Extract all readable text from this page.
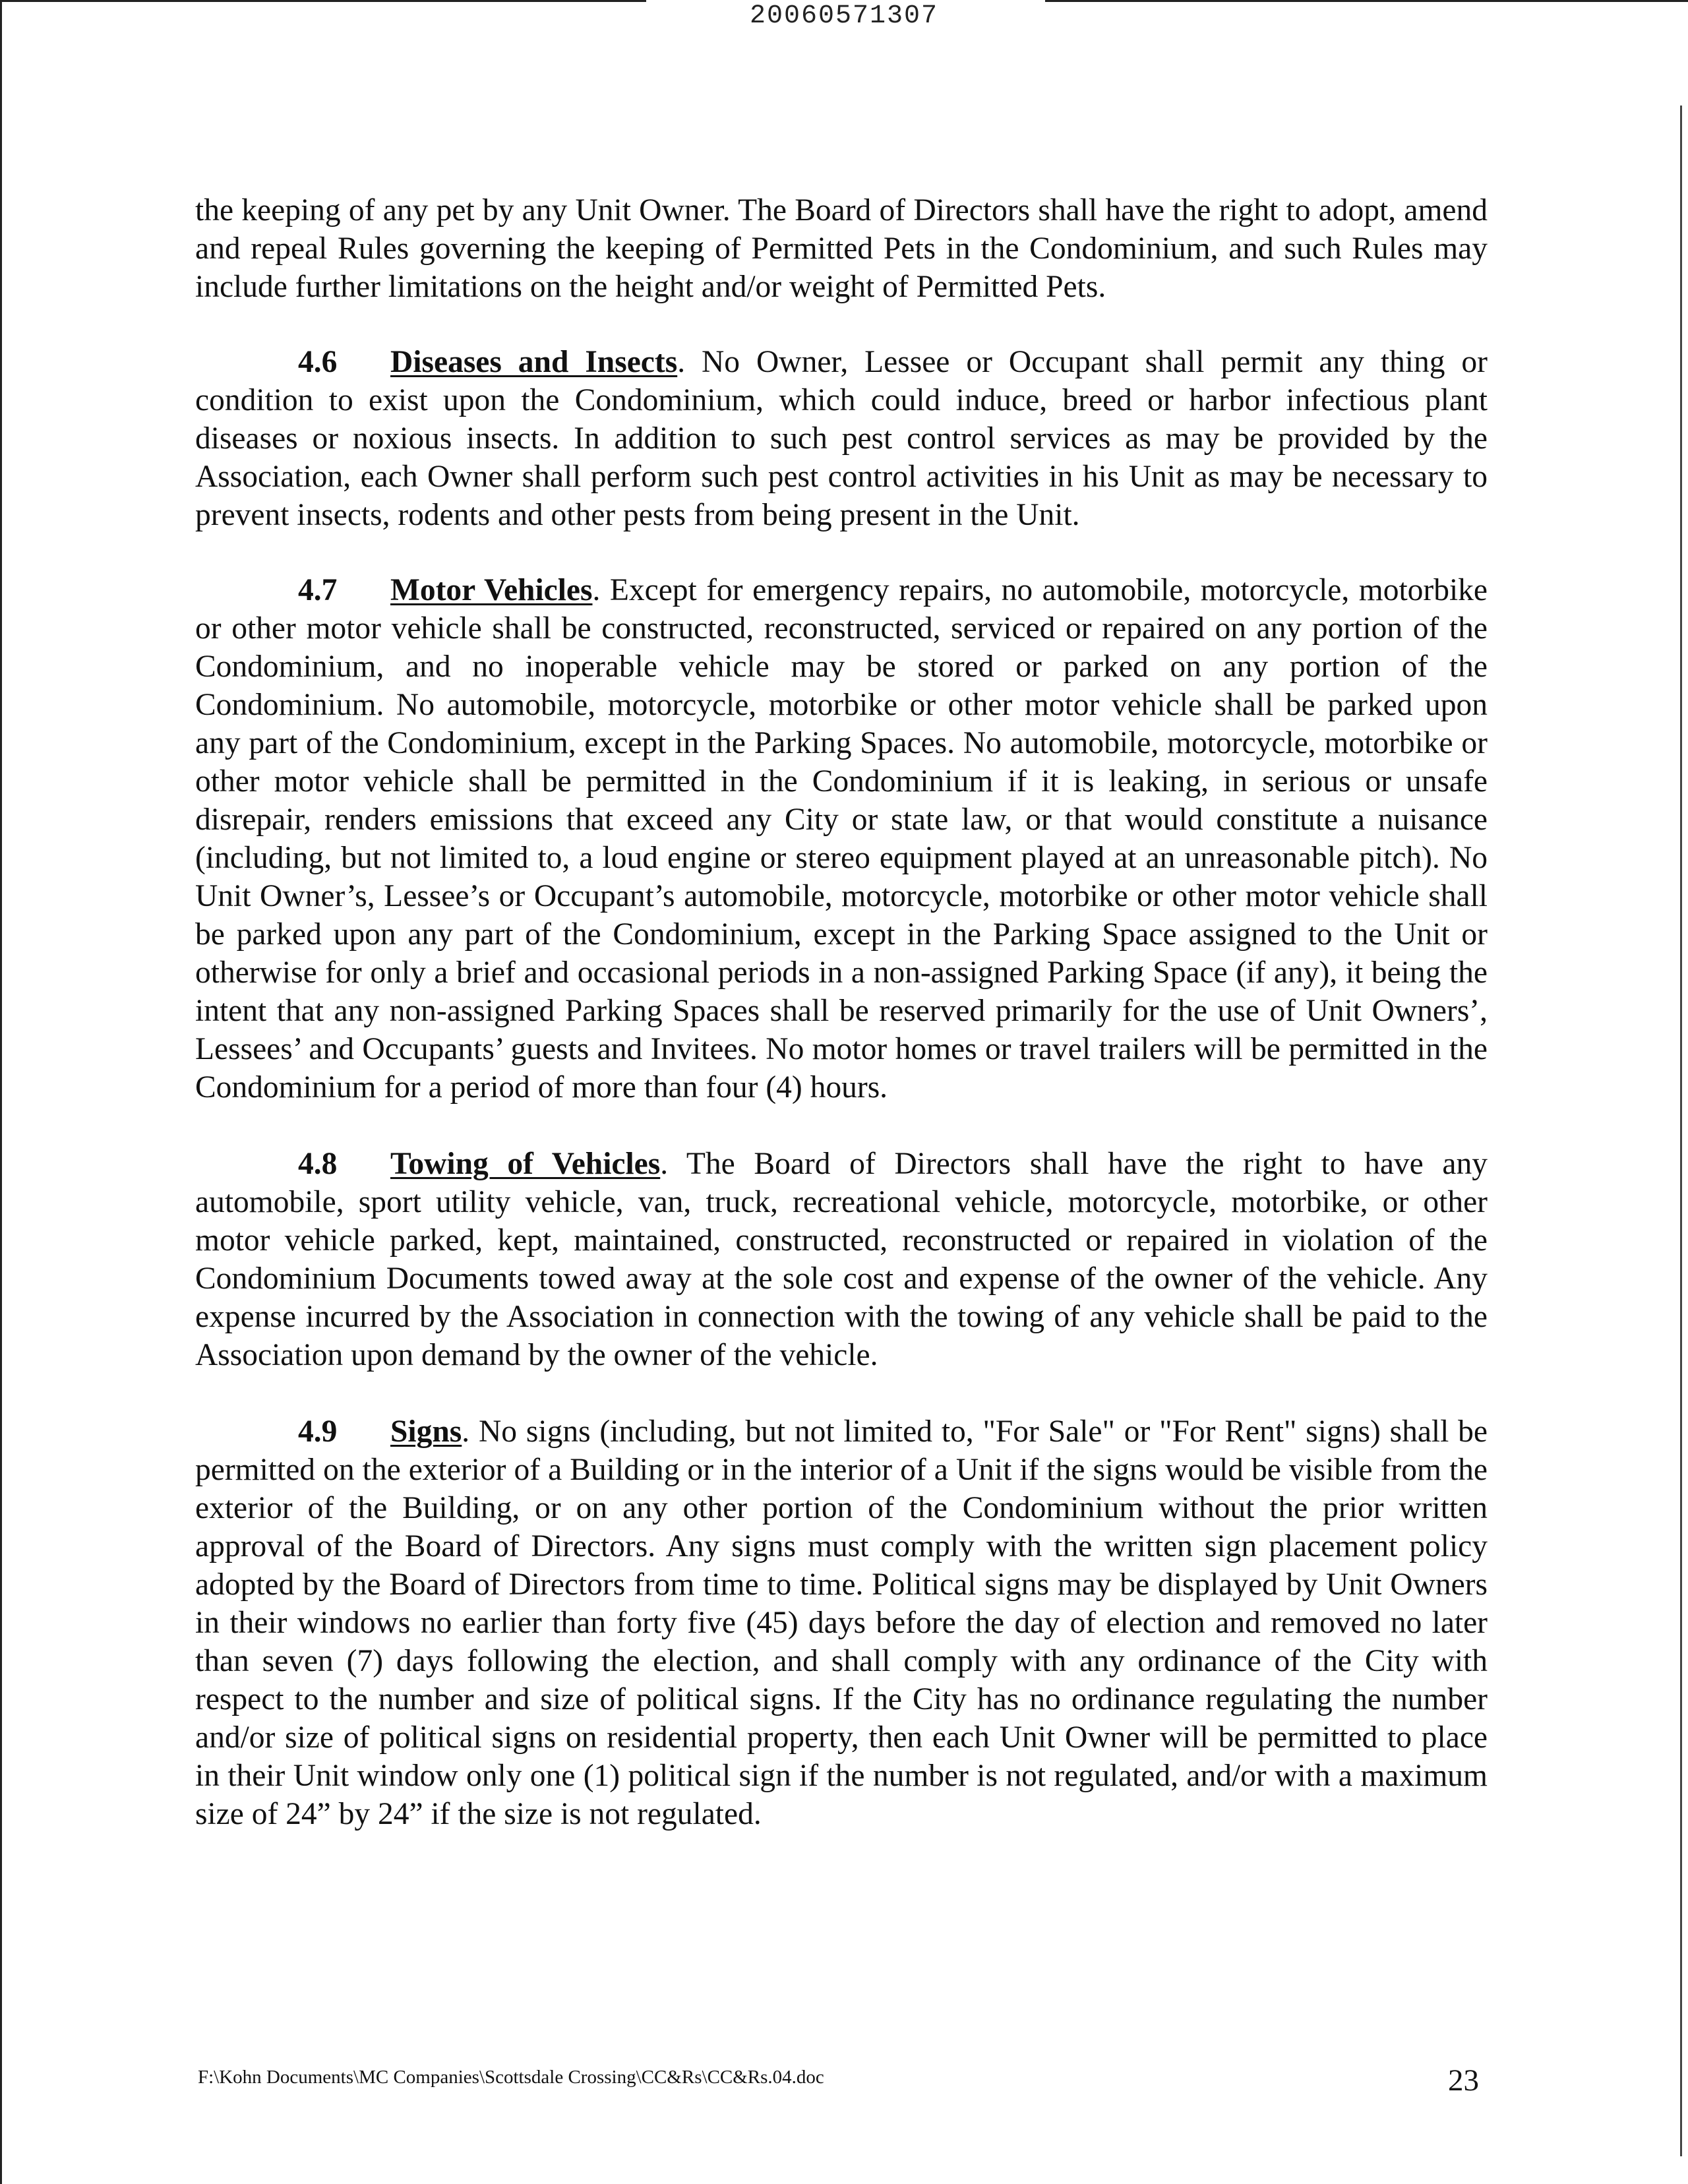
20060571307

the keeping of any pet by any Unit Owner. The Board of Directors shall have the right to adopt, amend and repeal Rules governing the keeping of Permitted Pets in the Condominium, and such Rules may include further limitations on the height and/or weight of Permitted Pets.

4.6 Diseases and Insects. No Owner, Lessee or Occupant shall permit any thing or condition to exist upon the Condominium, which could induce, breed or harbor infectious plant diseases or noxious insects. In addition to such pest control services as may be provided by the Association, each Owner shall perform such pest control activities in his Unit as may be necessary to prevent insects, rodents and other pests from being present in the Unit.

4.7 Motor Vehicles. Except for emergency repairs, no automobile, motorcycle, motorbike or other motor vehicle shall be constructed, reconstructed, serviced or repaired on any portion of the Condominium, and no inoperable vehicle may be stored or parked on any portion of the Condominium. No automobile, motorcycle, motorbike or other motor vehicle shall be parked upon any part of the Condominium, except in the Parking Spaces. No automobile, motorcycle, motorbike or other motor vehicle shall be permitted in the Condominium if it is leaking, in serious or unsafe disrepair, renders emissions that exceed any City or state law, or that would constitute a nuisance (including, but not limited to, a loud engine or stereo equipment played at an unreasonable pitch). No Unit Owner’s, Lessee’s or Occupant’s automobile, motorcycle, motorbike or other motor vehicle shall be parked upon any part of the Condominium, except in the Parking Space assigned to the Unit or otherwise for only a brief and occasional periods in a non-assigned Parking Space (if any), it being the intent that any non-assigned Parking Spaces shall be reserved primarily for the use of Unit Owners’, Lessees’ and Occupants’ guests and Invitees. No motor homes or travel trailers will be permitted in the Condominium for a period of more than four (4) hours.

4.8 Towing of Vehicles. The Board of Directors shall have the right to have any automobile, sport utility vehicle, van, truck, recreational vehicle, motorcycle, motorbike, or other motor vehicle parked, kept, maintained, constructed, reconstructed or repaired in violation of the Condominium Documents towed away at the sole cost and expense of the owner of the vehicle. Any expense incurred by the Association in connection with the towing of any vehicle shall be paid to the Association upon demand by the owner of the vehicle.

4.9 Signs. No signs (including, but not limited to, "For Sale" or "For Rent" signs) shall be permitted on the exterior of a Building or in the interior of a Unit if the signs would be visible from the exterior of the Building, or on any other portion of the Condominium without the prior written approval of the Board of Directors. Any signs must comply with the written sign placement policy adopted by the Board of Directors from time to time. Political signs may be displayed by Unit Owners in their windows no earlier than forty five (45) days before the day of election and removed no later than seven (7) days following the election, and shall comply with any ordinance of the City with respect to the number and size of political signs. If the City has no ordinance regulating the number and/or size of political signs on residential property, then each Unit Owner will be permitted to place in their Unit window only one (1) political sign if the number is not regulated, and/or with a maximum size of 24” by 24” if the size is not regulated.

F:\Kohn Documents\MC Companies\Scottsdale Crossing\CC&Rs\CC&Rs.04.doc	23
